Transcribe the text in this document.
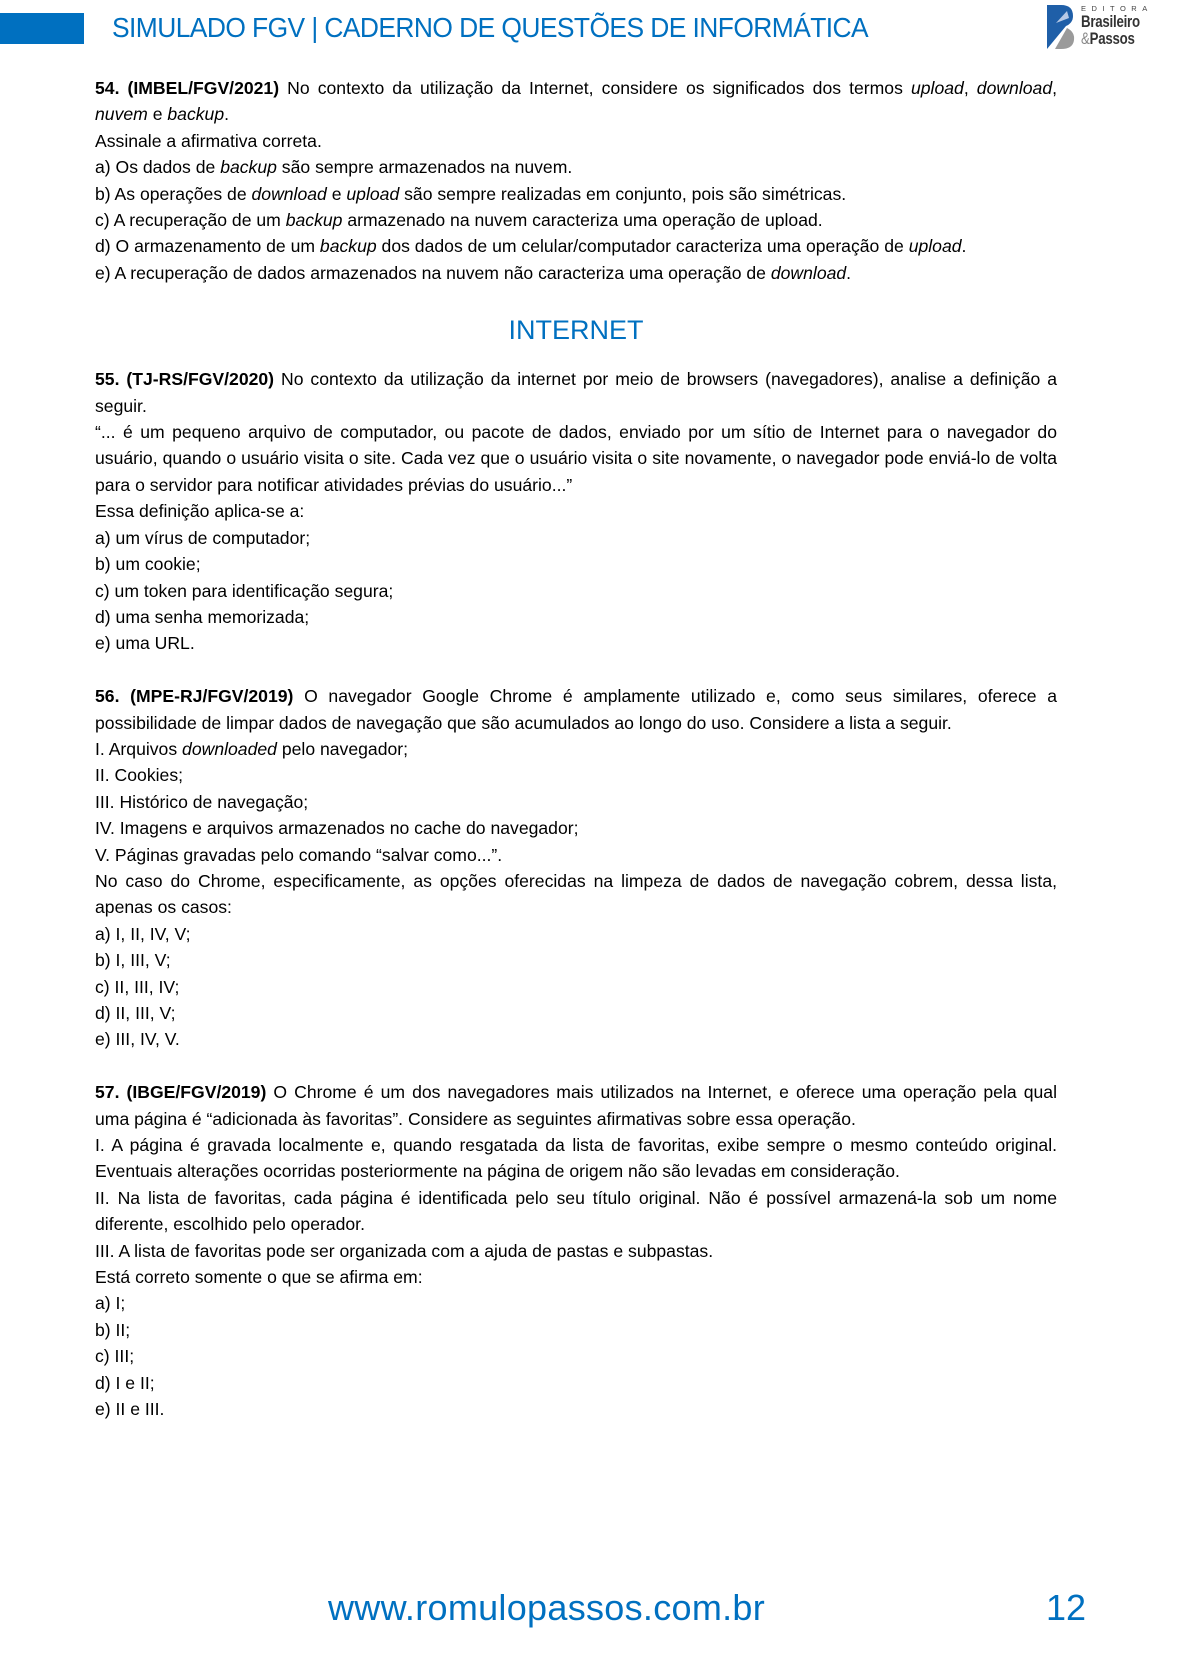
SIMULADO FGV | CADERNO DE QUESTÕES DE INFORMÁTICA
EDITORA
Brasileiro
&Passos

54. (IMBEL/FGV/2021) No contexto da utilização da Internet, considere os significados dos termos upload, download, nuvem e backup.

Assinale a afirmativa correta.

a) Os dados de backup são sempre armazenados na nuvem.

b) As operações de download e upload são sempre realizadas em conjunto, pois são simétricas.

c) A recuperação de um backup armazenado na nuvem caracteriza uma operação de upload.

d) O armazenamento de um backup dos dados de um celular/computador caracteriza uma operação de upload.

e) A recuperação de dados armazenados na nuvem não caracteriza uma operação de download.

INTERNET

55. (TJ-RS/FGV/2020) No contexto da utilização da internet por meio de browsers (navegadores), analise a definição a seguir.

“... é um pequeno arquivo de computador, ou pacote de dados, enviado por um sítio de Internet para o navegador do usuário, quando o usuário visita o site. Cada vez que o usuário visita o site novamente, o navegador pode enviá-lo de volta para o servidor para notificar atividades prévias do usuário...”

Essa definição aplica-se a:

a) um vírus de computador;

b) um cookie;

c) um token para identificação segura;

d) uma senha memorizada;

e) uma URL.

56. (MPE-RJ/FGV/2019) O navegador Google Chrome é amplamente utilizado e, como seus similares, oferece a possibilidade de limpar dados de navegação que são acumulados ao longo do uso. Considere a lista a seguir.

I. Arquivos downloaded pelo navegador;

II. Cookies;

III. Histórico de navegação;

IV. Imagens e arquivos armazenados no cache do navegador;

V. Páginas gravadas pelo comando “salvar como...”.

No caso do Chrome, especificamente, as opções oferecidas na limpeza de dados de navegação cobrem, dessa lista, apenas os casos:

a) I, II, IV, V;

b) I, III, V;

c) II, III, IV;

d) II, III, V;

e) III, IV, V.

57. (IBGE/FGV/2019) O Chrome é um dos navegadores mais utilizados na Internet, e oferece uma operação pela qual uma página é “adicionada às favoritas”. Considere as seguintes afirmativas sobre essa operação.

I. A página é gravada localmente e, quando resgatada da lista de favoritas, exibe sempre o mesmo conteúdo original. Eventuais alterações ocorridas posteriormente na página de origem não são levadas em consideração.

II. Na lista de favoritas, cada página é identificada pelo seu título original. Não é possível armazená-la sob um nome diferente, escolhido pelo operador.

III. A lista de favoritas pode ser organizada com a ajuda de pastas e subpastas.

Está correto somente o que se afirma em:

a) I;

b) II;

c) III;

d) I e II;

e) II e III.

www.romulopassos.com.br	12
